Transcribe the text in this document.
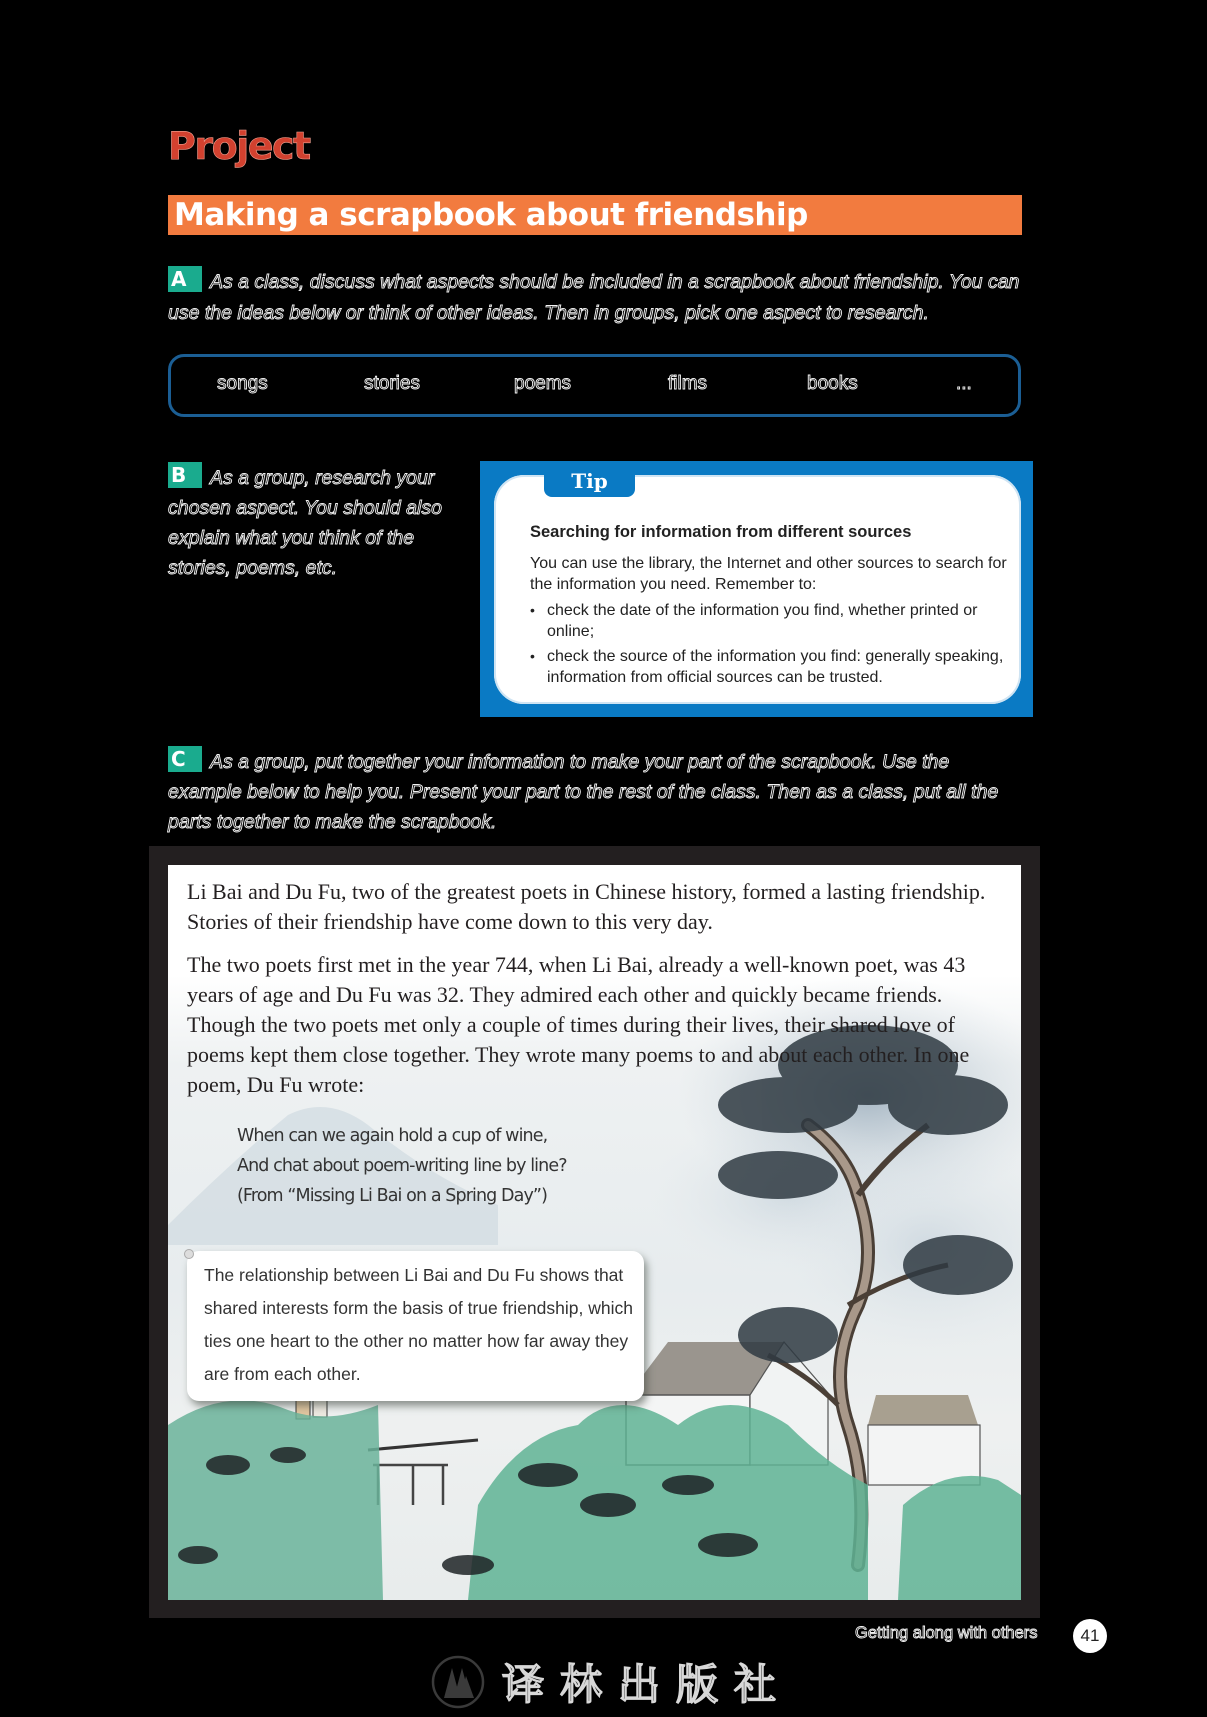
Project
Making a scrapbook about friendship
A As a class, discuss what aspects should be included in a scrapbook about friendship. You can use the ideas below or think of other ideas. Then in groups, pick one aspect to research.
songs	stories	poems	films	books	...
B As a group, research your chosen aspect. You should also explain what you think of the stories, poems, etc.
Tip
Searching for information from different sources

You can use the library, the Internet and other sources to search for the information you need. Remember to:

• check the date of the information you find, whether printed or online;
• check the source of the information you find: generally speaking, information from official sources can be trusted.
C As a group, put together your information to make your part of the scrapbook. Use the example below to help you. Present your part to the rest of the class. Then as a class, put all the parts together to make the scrapbook.

Li Bai and Du Fu, two of the greatest poets in Chinese history, formed a lasting friendship. Stories of their friendship have come down to this very day.

The two poets first met in the year 744, when Li Bai, already a well-known poet, was 43 years of age and Du Fu was 32. They admired each other and quickly became friends. Though the two poets met only a couple of times during their lives, their shared love of poems kept them close together. They wrote many poems to and about each other. In one poem, Du Fu wrote:

When can we again hold a cup of wine,
And chat about poem-writing line by line?
(From “Missing Li Bai on a Spring Day”)

The relationship between Li Bai and Du Fu shows that shared interests form the basis of true friendship, which ties one heart to the other no matter how far away they are from each other.

Getting along with others	41
译林出版社
